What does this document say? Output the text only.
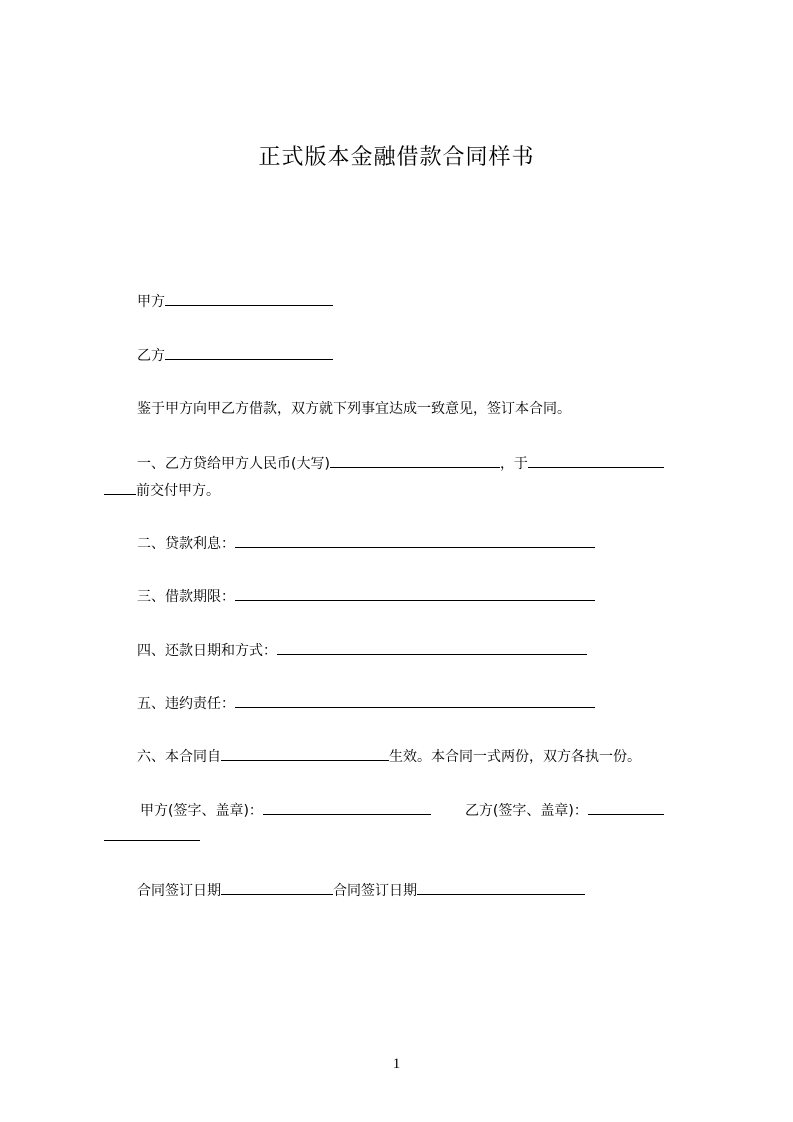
正式版本金融借款合同样书
甲方
乙方
鉴于甲方向甲乙方借款，双方就下列事宜达成一致意见，签订本合同。
一、乙方贷给甲方人民币(大写)	，于
前交付甲方。
二、贷款利息：
三、借款期限：
四、还款日期和方式：
五、违约责任：
六、本合同自	生效。本合同一式两份，双方各执一份。
甲方(签字、盖章)：	乙方(签字、盖章)：
合同签订日期	合同签订日期
1
